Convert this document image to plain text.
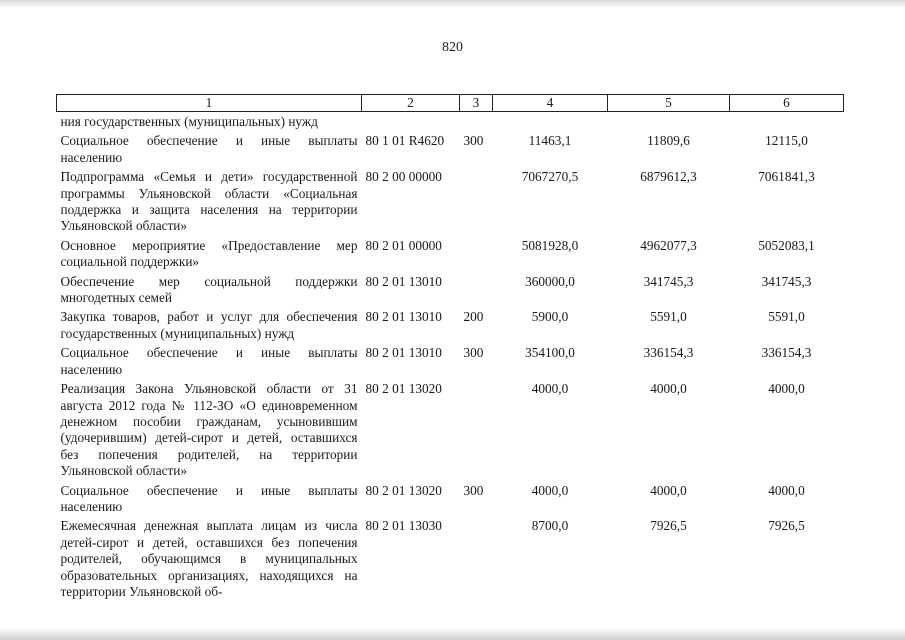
820
1	2	3	4	5	6
ния государственных (муниципальных) нужд					
Социальное обеспечение и иные выплаты населению	80 1 01 R4620	300	11463,1	11809,6	12115,0
Подпрограмма «Семья и дети» государственной программы Ульяновской области «Социальная поддержка и защита населения на территории Ульяновской области»	80 2 00 00000		7067270,5	6879612,3	7061841,3
Основное мероприятие «Предоставление мер социальной поддержки»	80 2 01 00000		5081928,0	4962077,3	5052083,1
Обеспечение мер социальной поддержки многодетных семей	80 2 01 13010		360000,0	341745,3	341745,3
Закупка товаров, работ и услуг для обеспечения государственных (муниципальных) нужд	80 2 01 13010	200	5900,0	5591,0	5591,0
Социальное обеспечение и иные выплаты населению	80 2 01 13010	300	354100,0	336154,3	336154,3
Реализация Закона Ульяновской области от 31 августа 2012 года № 112-ЗО «О единовременном денежном пособии гражданам, усыновившим (удочерившим) детей-сирот и детей, оставшихся без попечения родителей, на территории Ульяновской области»	80 2 01 13020		4000,0	4000,0	4000,0
Социальное обеспечение и иные выплаты населению	80 2 01 13020	300	4000,0	4000,0	4000,0
Ежемесячная денежная выплата лицам из числа детей-сирот и детей, оставшихся без попечения родителей, обучающимся в муниципальных образовательных организациях, находящихся на территории Ульяновской об-	80 2 01 13030		8700,0	7926,5	7926,5
